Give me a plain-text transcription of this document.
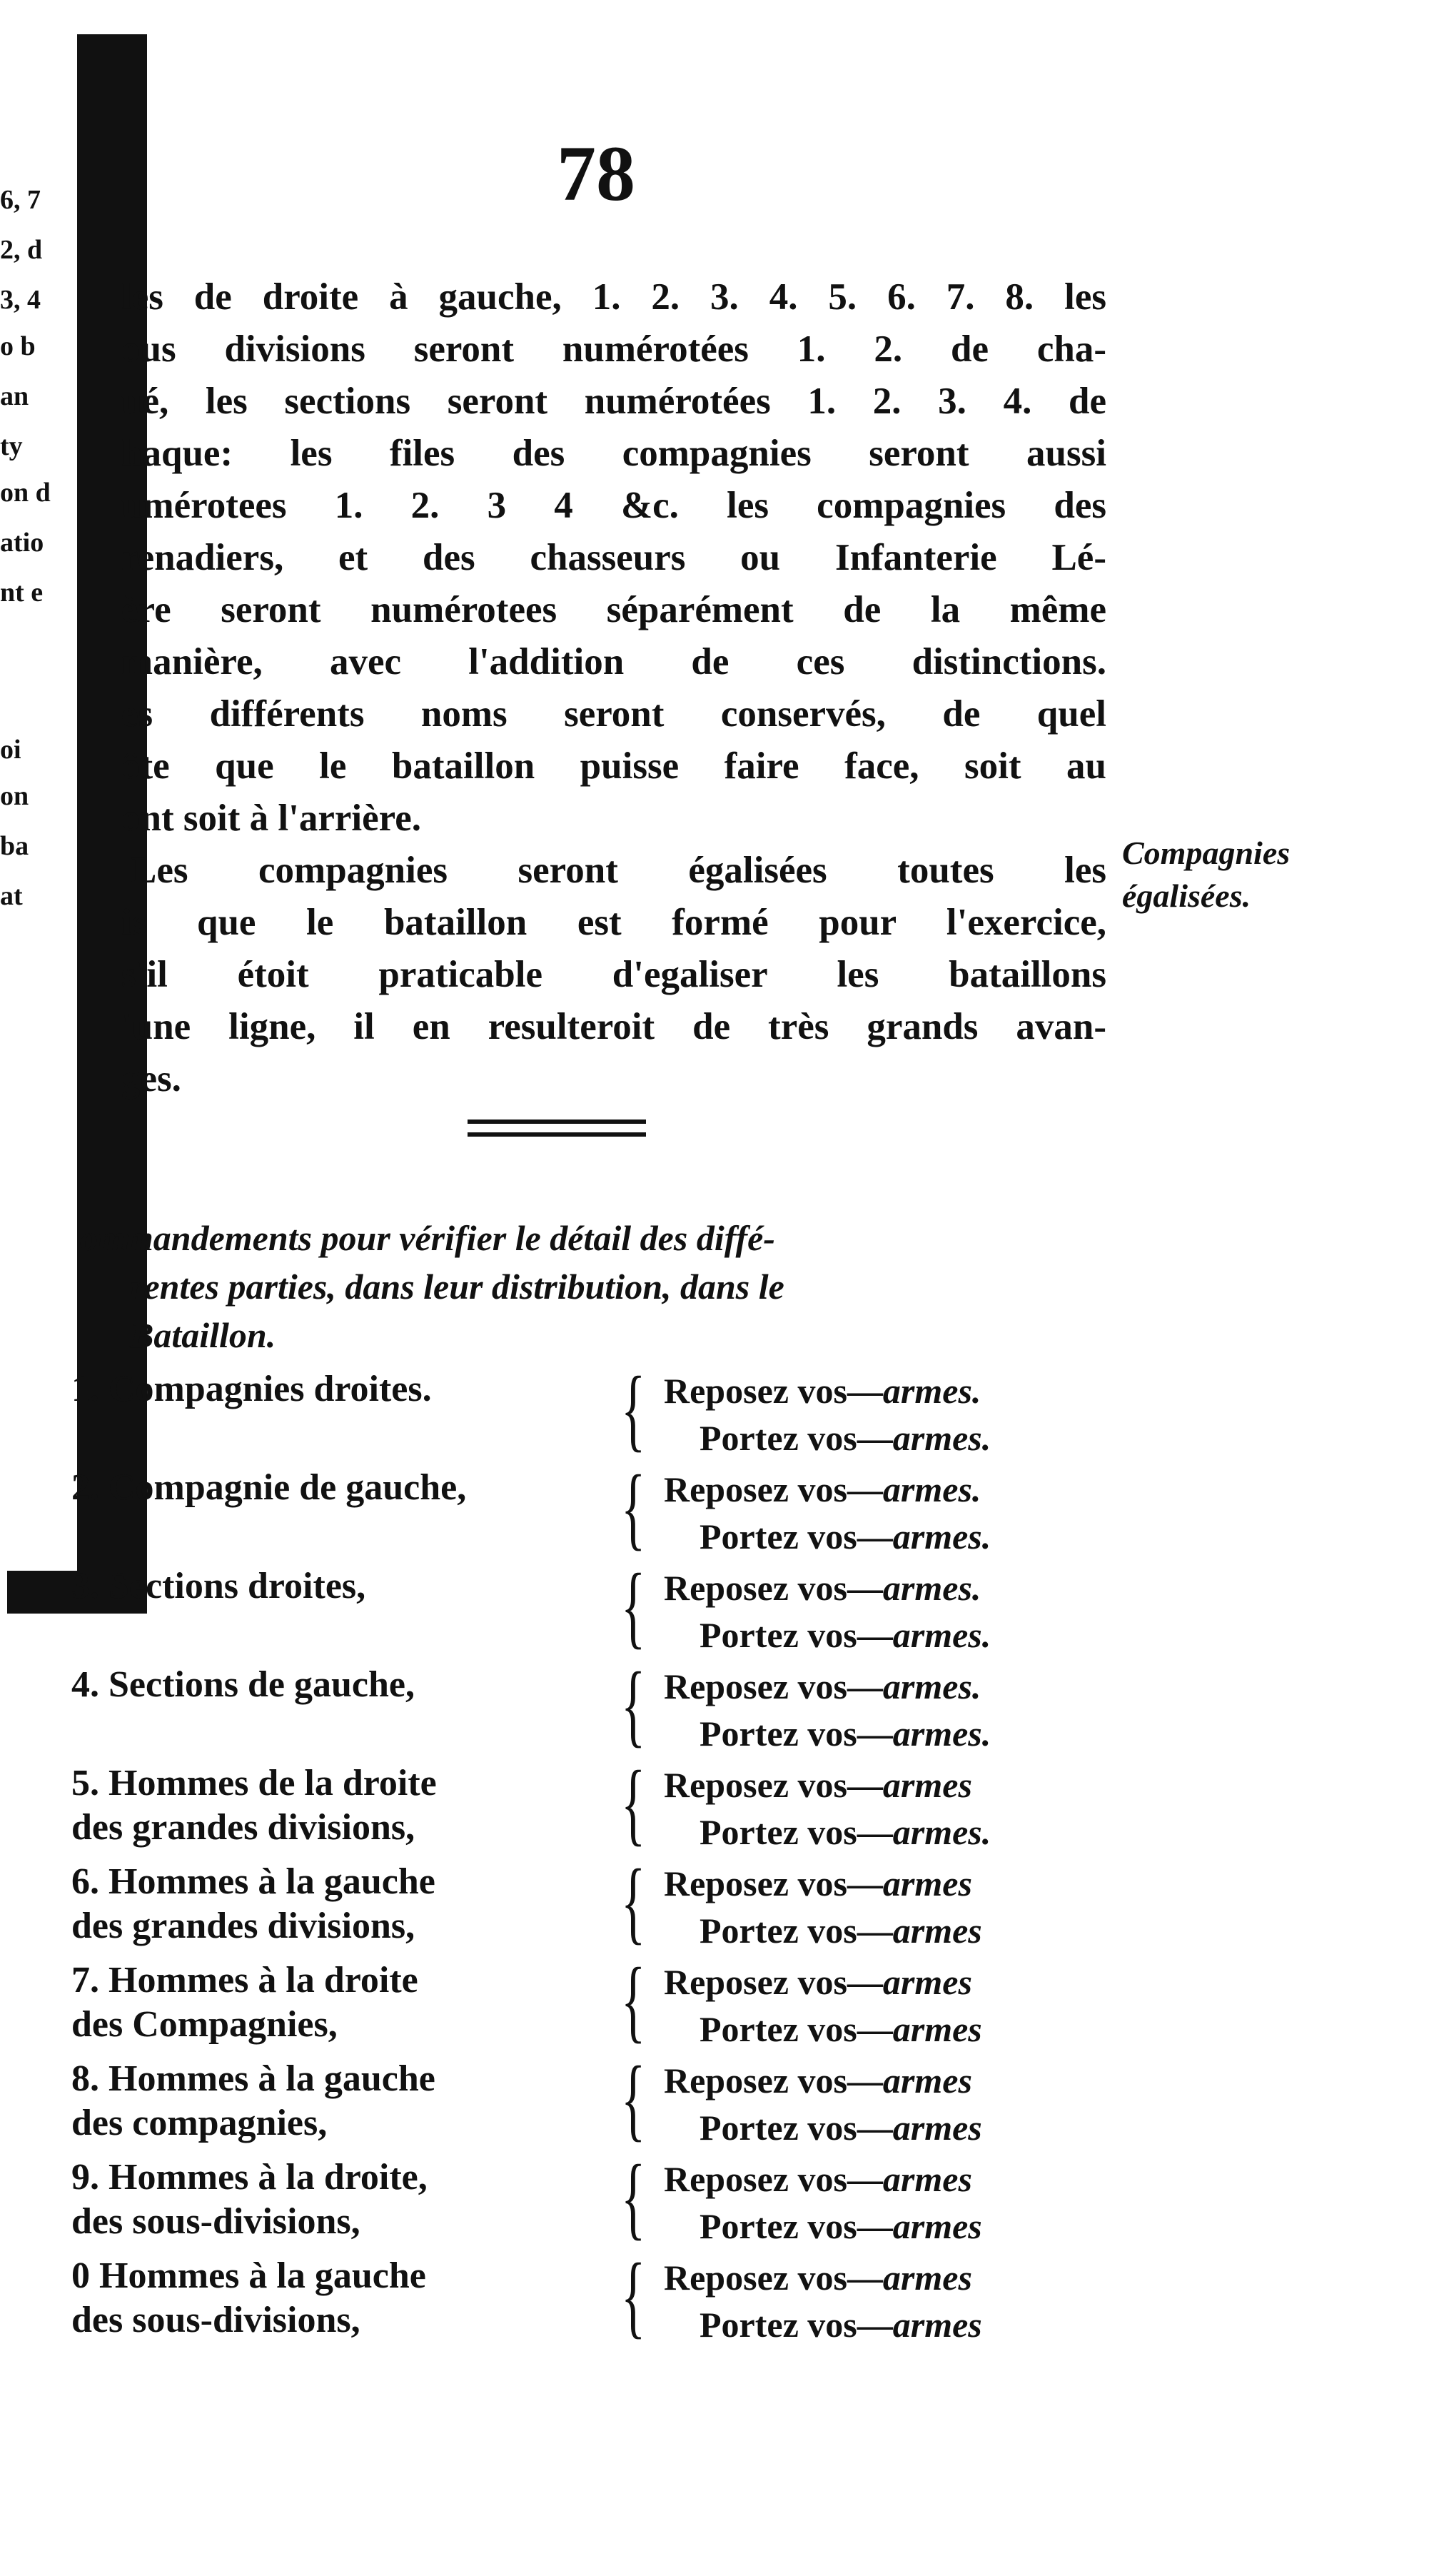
6, 7
2, d
3, 4
o b
an
ty
on d
atio
nt e
oi
on
ba
at
78
les de droite à gauche, 1. 2. 3. 4. 5. 6. 7. 8. les
ous divisions seront numérotées 1. 2. de cha-
ué, les sections seront numérotées 1. 2. 3. 4. de
haque: les files des compagnies seront aussi
umérotees 1. 2. 3 4 &c. les compagnies des
renadiers, et des chasseurs ou Infanterie Lé-
ère seront numérotees séparément de la même
manière, avec l'addition de ces distinctions.
es différents noms seront conservés, de quel
ôte que le bataillon puisse faire face, soit au
ont soit à l'arrière.
Les compagnies seront égalisées toutes les
is que le bataillon est formé pour l'exercice,
s'il étoit praticable d'egaliser les bataillons
'une ligne, il en resulteroit de très grands avan-
ges.
Compagnies
égalisées.
ommandements pour vérifier le détail des diffé-
rentes parties, dans leur distribution, dans le
Bataillon.
1. Compagnies droites.	{ Reposez vos—armes.
Portez vos—armes.
2. Compagnie de gauche,	{ Reposez vos—armes.
Portez vos—armes.
3. Sections droites,	{ Reposez vos—armes.
Portez vos—armes.
4. Sections de gauche,	{ Reposez vos—armes.
Portez vos—armes.
5. Hommes de la droite
des grandes divisions,	{ Reposez vos—armes
Portez vos—armes.
6. Hommes à la gauche
des grandes divisions,	{ Reposez vos—armes
Portez vos—armes
7. Hommes à la droite
des Compagnies,	{ Reposez vos—armes
Portez vos—armes
8. Hommes à la gauche
des compagnies,	{ Reposez vos—armes
Portez vos—armes
9. Hommes à la droite,
des sous-divisions,	{ Reposez vos—armes
Portez vos—armes
0 Hommes à la gauche
des sous-divisions,	{ Reposez vos—armes
Portez vos—armes
